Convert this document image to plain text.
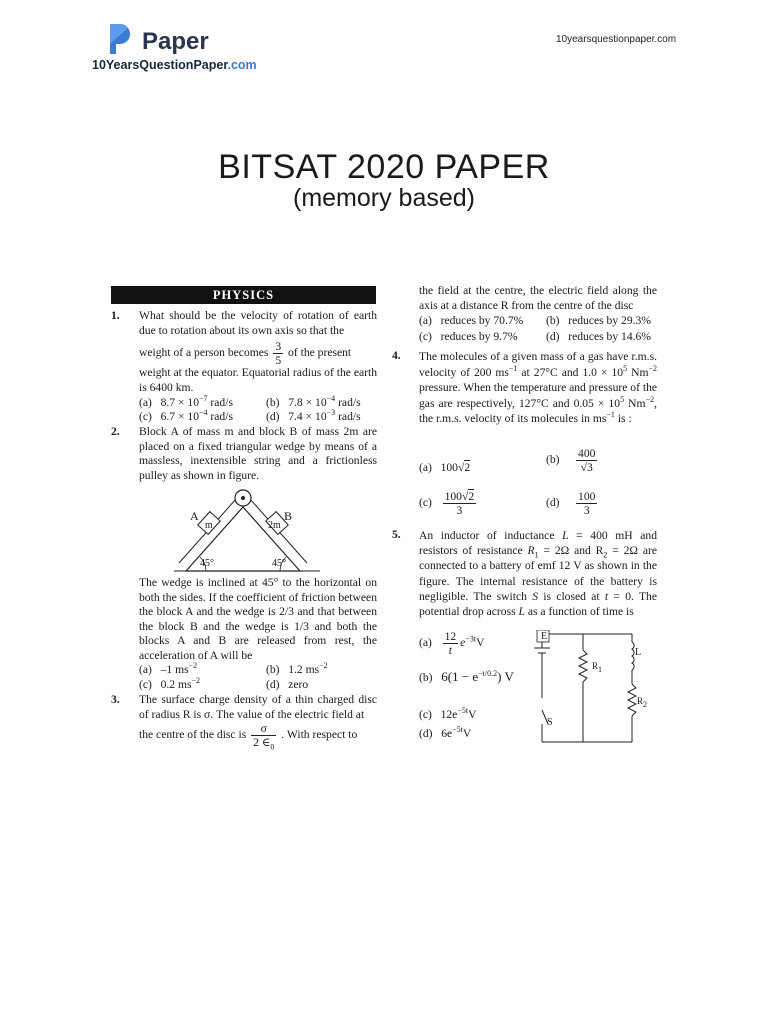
Paper
10YearsQuestionPaper.com
10yearsquestionpaper.com
BITSAT 2020 PAPER
(memory based)
PHYSICS
1. What should be the velocity of rotation of earth due to rotation about its own axis so that the
weight of a person becomes $\frac{3}{5}$ of the present
weight at the equator. Equatorial radius of the earth is 6400 km.
(a) $8.7 \times 10^{-7}$ rad/s	(b) $7.8 \times 10^{-4}$ rad/s
(c) $6.7 \times 10^{-4}$ rad/s	(d) $7.4 \times 10^{-3}$ rad/s
2. Block A of mass m and block B of mass 2m are placed on a fixed triangular wedge by means of a massless, inextensible string and a frictionless pulley as shown in figure.
A	B
m	2m
45°	45°
The wedge is inclined at 45° to the horizontal on both the sides. If the coefficient of friction between the block A and the wedge is 2/3 and that between the block B and the wedge is 1/3 and both the blocks A and B are released from rest, the acceleration of A will be
(a) –1 $ms^{-2}$	(b) 1.2 $ms^{-2}$
(c) 0.2 $ms^{-2}$	(d) zero
3. The surface charge density of a thin charged disc of radius R is σ. The value of the electric field at
the centre of the disc is $\frac{\sigma}{2 \in_0}$ . With respect to
the field at the centre, the electric field along the axis at a distance R from the centre of the disc
(a) reduces by 70.7% (b) reduces by 29.3%
(c) reduces by 9.7% (d) reduces by 14.6%
4. The molecules of a given mass of a gas have r.m.s. velocity of 200 $ms^{-1}$ at 27°C and $1.0 \times 10^5$ $Nm^{-2}$ pressure. When the temperature and pressure of the gas are respectively, 127°C and $0.05 \times 10^5$ $Nm^{-2}$, the r.m.s. velocity of its molecules in $ms^{-1}$ is :
(a) 100√2
$(b) \frac{400}{√3}$
$(c) \frac{100√2}{3}$	$(d) \frac{100}{3}$
5. An inductor of inductance L = 400 mH and resistors of resistance $R_1 = 2\Omega$ and $R_2 = 2\Omega$ are connected to a battery of emf 12 V as shown in the figure. The internal resistance of the battery is negligible. The switch S is closed at t = 0. The potential drop across L as a function of time is
$(a) \frac{12}{t} e^{-3t}V$
(b) $6(1 - e^{-t/0.2})$ V
(c) $12e^{-5t}V$
(d) $6e^{-5t}V$
E
$R_1$
L
$R_2$
S
